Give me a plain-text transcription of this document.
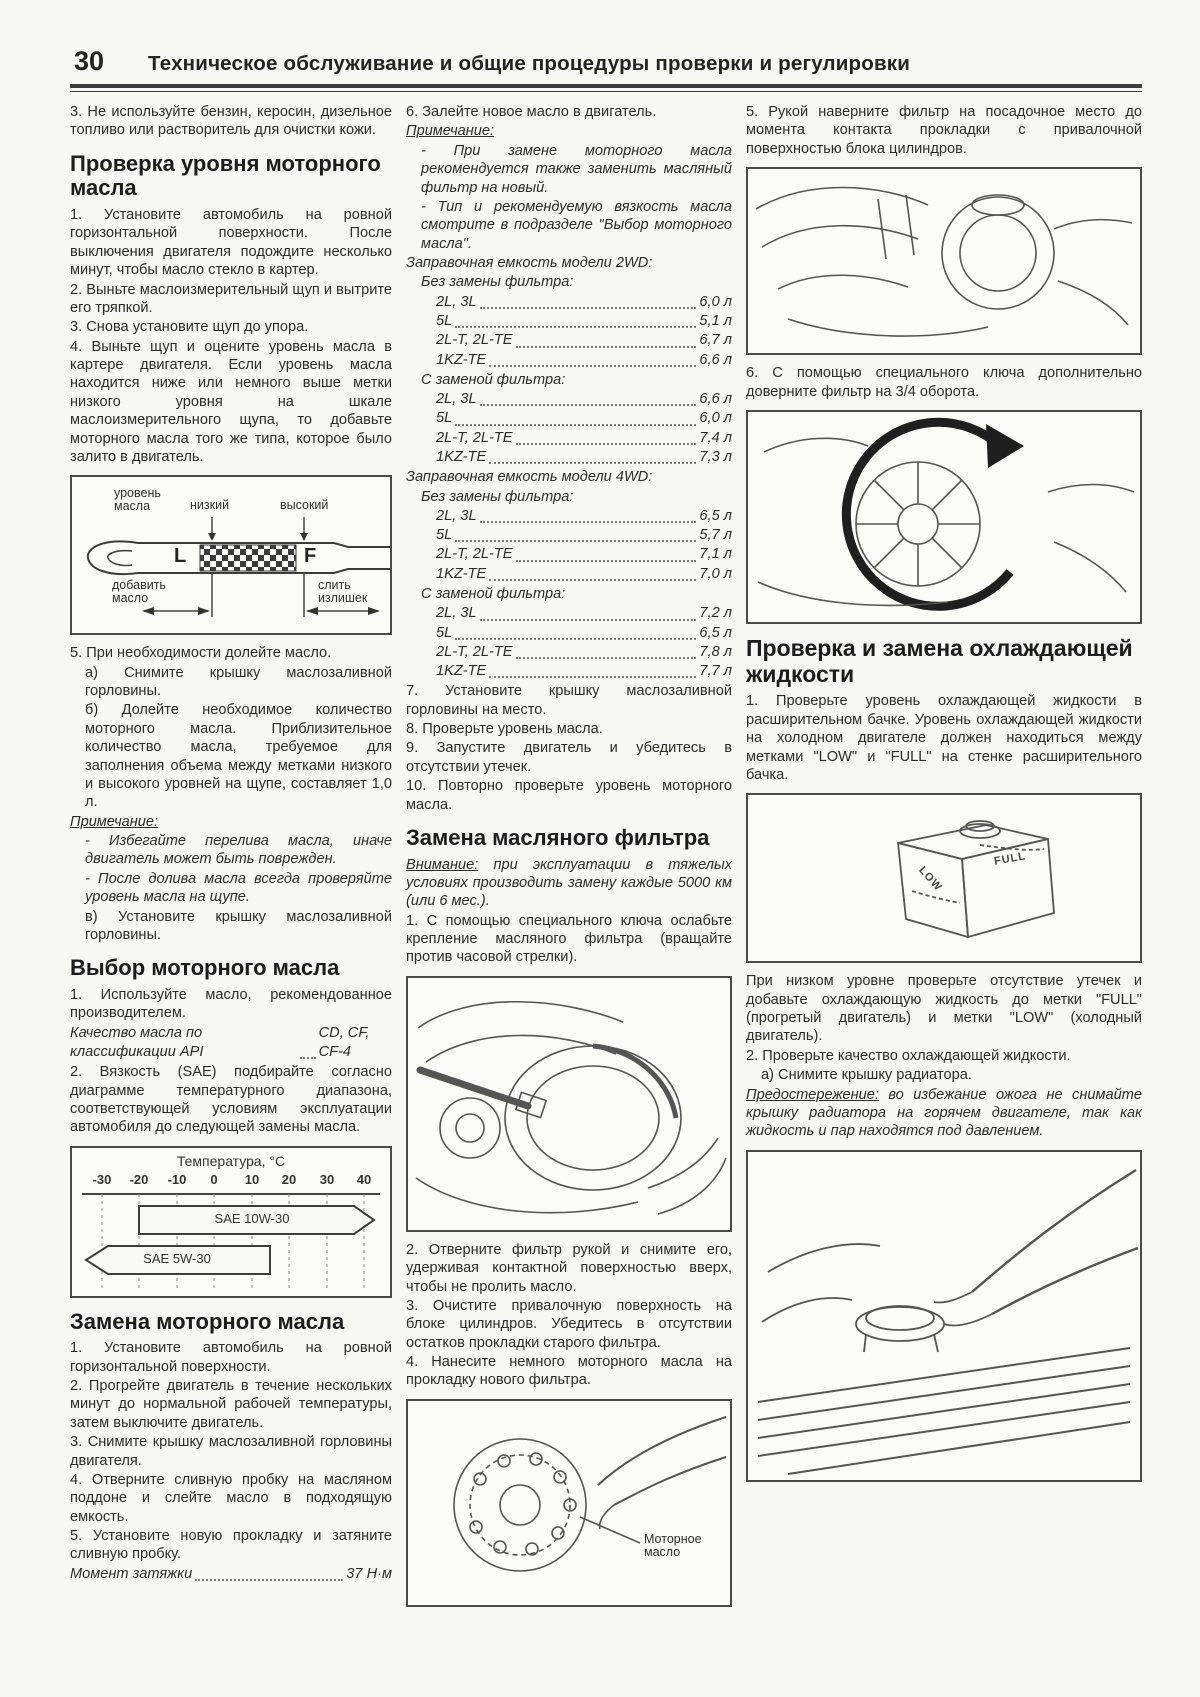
30 Техническое обслуживание и общие процедуры проверки и регулировки

3. Не используйте бензин, керосин, дизельное топливо или растворитель для очистки кожи.

Проверка уровня моторного масла

1. Установите автомобиль на ровной горизонтальной поверхности. После выключения двигателя подождите несколько минут, чтобы масло стекло в картер.

2. Выньте маслоизмерительный щуп и вытрите его тряпкой.

3. Снова установите щуп до упора.

4. Выньте щуп и оцените уровень масла в картере двигателя. Если уровень масла находится ниже или немного выше метки низкого уровня на шкале маслоизмерительного щупа, то добавьте моторного масла того же типа, которое было залито в двигатель.

уровень масла	низкий	высокий
L	F
добавить масло
слить излишек

5. При необходимости долейте масло.

а) Снимите крышку маслозаливной горловины.

б) Долейте необходимое количество моторного масла. Приблизительное количество масла, требуемое для заполнения объема между метками низкого и высокого уровней на щупе, составляет 1,0 л.

Примечание:

- Избегайте перелива масла, иначе двигатель может быть поврежден.

- После долива масла всегда проверяйте уровень масла на щупе.

в) Установите крышку маслозаливной горловины.

Выбор моторного масла

1. Используйте масло, рекомендованное производителем.

Качество масла по классификации API
CD, CF, CF-4

2. Вязкость (SAE) подбирайте согласно диаграмме температурного диапазона, соответствующей условиям эксплуатации автомобиля до следующей замены масла.

Температура, °C
-30 -20 -10 0 10 20 30 40
SAE 10W-30
SAE 5W-30
Замена моторного масла

1. Установите автомобиль на ровной горизонтальной поверхности.

2. Прогрейте двигатель в течение нескольких минут до нормальной рабочей температуры, затем выключите двигатель.

3. Снимите крышку маслозаливной горловины двигателя.

4. Отверните сливную пробку на масляном поддоне и слейте масло в подходящую емкость.

5. Установите новую прокладку и затяните сливную пробку.

Момент затяжки	37 Н·м

6. Залейте новое масло в двигатель.

Примечание:

- При замене моторного масла рекомендуется также заменить масляный фильтр на новый.

- Тип и рекомендуемую вязкость масла смотрите в подразделе "Выбор моторного масла".

Заправочная емкость модели 2WD:

Без замены фильтра:

2L, 3L	6,0 л
5L	5,1 л
2L-T, 2L-TE	6,7 л
1KZ-TE	6,6 л

С заменой фильтра:

2L, 3L	6,6 л
5L	6,0 л
2L-T, 2L-TE	7,4 л
1KZ-TE	7,3 л

Заправочная емкость модели 4WD:

Без замены фильтра:

2L, 3L	6,5 л
5L	5,7 л
2L-T, 2L-TE	7,1 л
1KZ-TE	7,0 л

С заменой фильтра:

2L, 3L	7,2 л
5L	6,5 л
2L-T, 2L-TE	7,8 л
1KZ-TE	7,7 л

7. Установите крышку маслозаливной горловины на место.

8. Проверьте уровень масла.

9. Запустите двигатель и убедитесь в отсутствии утечек.

10. Повторно проверьте уровень моторного масла.

Замена масляного фильтра

Внимание: при эксплуатации в тяжелых условиях производить замену каждые 5000 км (или 6 мес.).

1. С помощью специального ключа ослабьте крепление масляного фильтра (вращайте против часовой стрелки).

2. Отверните фильтр рукой и снимите его, удерживая контактной поверхностью вверх, чтобы не пролить масло.

3. Очистите привалочную поверхность на блоке цилиндров. Убедитесь в отсутствии остатков прокладки старого фильтра.

4. Нанесите немного моторного масла на прокладку нового фильтра.

Моторное масло

5. Рукой наверните фильтр на посадочное место до момента контакта прокладки с привалочной поверхностью блока цилиндров.

6. С помощью специального ключа дополнительно доверните фильтр на 3/4 оборота.

Проверка и замена охлаждающей жидкости

1. Проверьте уровень охлаждающей жидкости в расширительном бачке. Уровень охлаждающей жидкости на холодном двигателе должен находиться между метками "LOW" и "FULL" на стенке расширительного бачка.

FULL
LOW

При низком уровне проверьте отсутствие утечек и добавьте охлаждающую жидкость до метки "FULL" (прогретый двигатель) и метки "LOW" (холодный двигатель).

2. Проверьте качество охлаждающей жидкости.

а) Снимите крышку радиатора.

Предостережение: во избежание ожога не снимайте крышку радиатора на горячем двигателе, так как жидкость и пар находятся под давлением.
